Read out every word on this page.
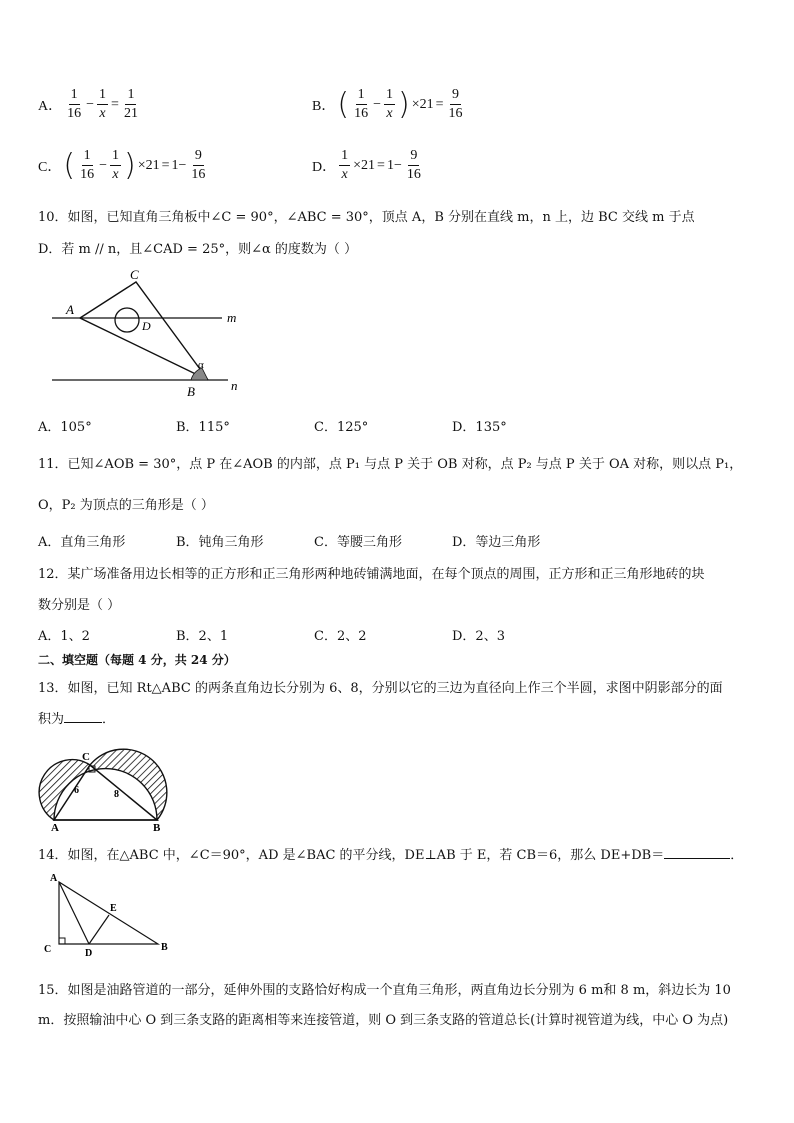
A． $\frac{1}{16} - \frac{1}{x} = \frac{1}{21}$	B． ( $\frac{1}{16} - \frac{1}{x}$ ) $\times 21 = \frac{9}{16}$
C． ( $\frac{1}{16} - \frac{1}{x}$ ) $\times 21 = 1- \frac{9}{16}$	D． $\frac{1}{x} \times 21 = 1- \frac{9}{16}$
10．如图，已知直角三角板中∠C = 90°，∠ABC = 30°，顶点 A，B 分别在直线 m，n 上，边 BC 交线 m 于点
D．若 m // n，且∠CAD = 25°，则∠α 的度数为（ ）
A
C
D
m
α
B	n
A．105°	B．115°	C．125°	D．135°
11．已知∠AOB = 30°，点 P 在∠AOB 的内部，点 P₁ 与点 P 关于 OB 对称，点 P₂ 与点 P 关于 OA 对称，则以点 P₁，
O，P₂ 为顶点的三角形是（ ）
A．直角三角形	B．钝角三角形	C．等腰三角形	D．等边三角形
12．某广场准备用边长相等的正方形和正三角形两种地砖铺满地面，在每个顶点的周围，正方形和正三角形地砖的块
数分别是（ ）
A．1、2	B．2、1	C．2、2	D．2、3
二、填空题（每题 4 分，共 24 分）
13．如图，已知 Rt△ABC 的两条直角边长分别为 6、8，分别以它的三边为直径向上作三个半圆，求图中阴影部分的面
积为	．
C
6	8
A	B
14．如图，在△ABC 中，∠C＝90°，AD 是∠BAC 的平分线，DE⊥AB 于 E，若 CB＝6，那么 DE+DB＝	．
A
E
C	D
B
15．如图是油路管道的一部分，延伸外围的支路恰好构成一个直角三角形，两直角边长分别为 6 m和 8 m，斜边长为 10
m．按照输油中心 O 到三条支路的距离相等来连接管道，则 O 到三条支路的管道总长(计算时视管道为线，中心 O 为点)
